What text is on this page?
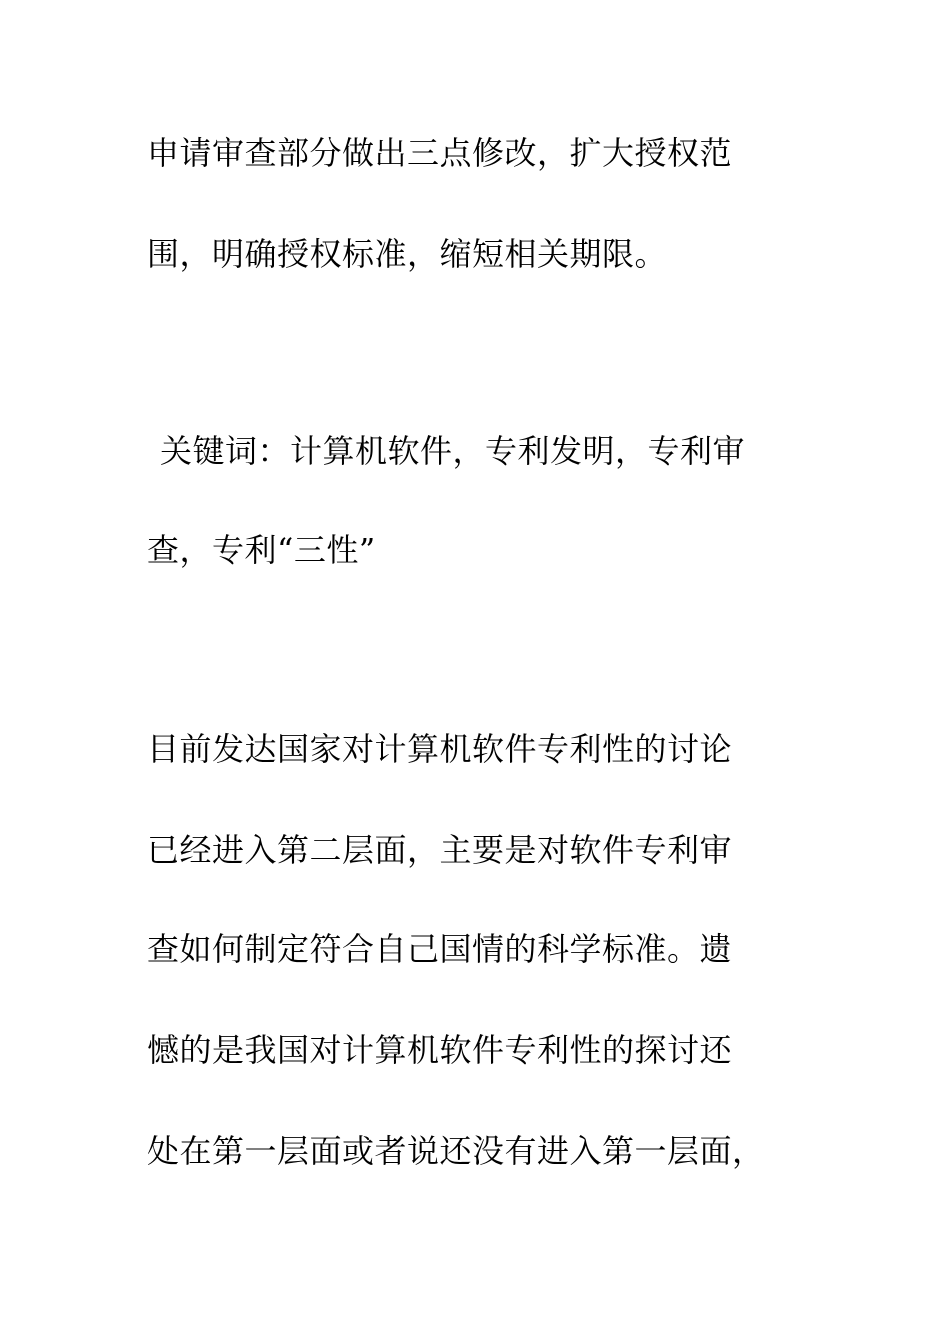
申请审查部分做出三点修改，扩大授权范
围，明确授权标准，缩短相关期限。
关键词：计算机软件，专利发明，专利审
查，专利“三性”
目前发达国家对计算机软件专利性的讨论
已经进入第二层面，主要是对软件专利审
查如何制定符合自己国情的科学标准。遗
憾的是我国对计算机软件专利性的探讨还
处在第一层面或者说还没有进入第一层面，
